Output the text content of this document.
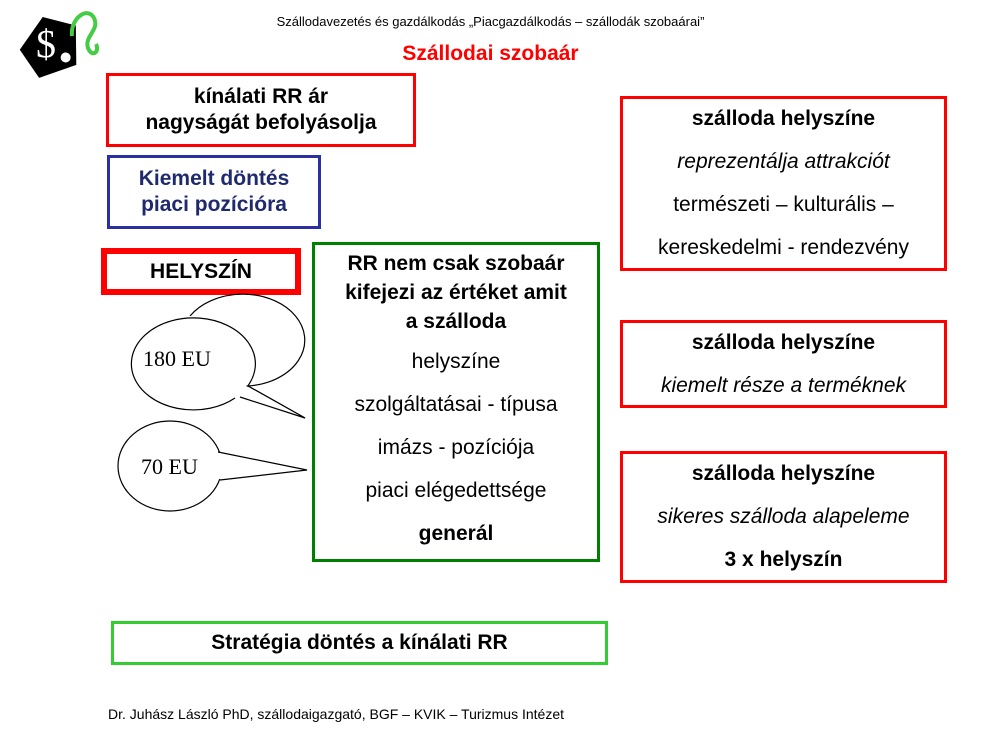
$
Szállodavezetés és gazdálkodás „Piacgazdálkodás – szállodák szobaárai”
Szállodai szobaár
kínálati RR ár
nagyságát befolyásolja
Kiemelt döntés
piaci pozícióra
HELYSZÍN
180 EU
70 EU
RR nem csak szobaár
kifejezi az értéket amit
a szálloda
helyszíne
szolgáltatásai - típusa
imázs - pozíciója
piaci elégedettsége
generál
szálloda helyszíne
reprezentálja attrakciót
természeti – kulturális –
kereskedelmi - rendezvény
szálloda helyszíne
kiemelt része a terméknek
szálloda helyszíne
sikeres szálloda alapeleme
3 x helyszín
Stratégia döntés a kínálati RR
Dr. Juhász László PhD, szállodaigazgató, BGF – KVIK – Turizmus Intézet
